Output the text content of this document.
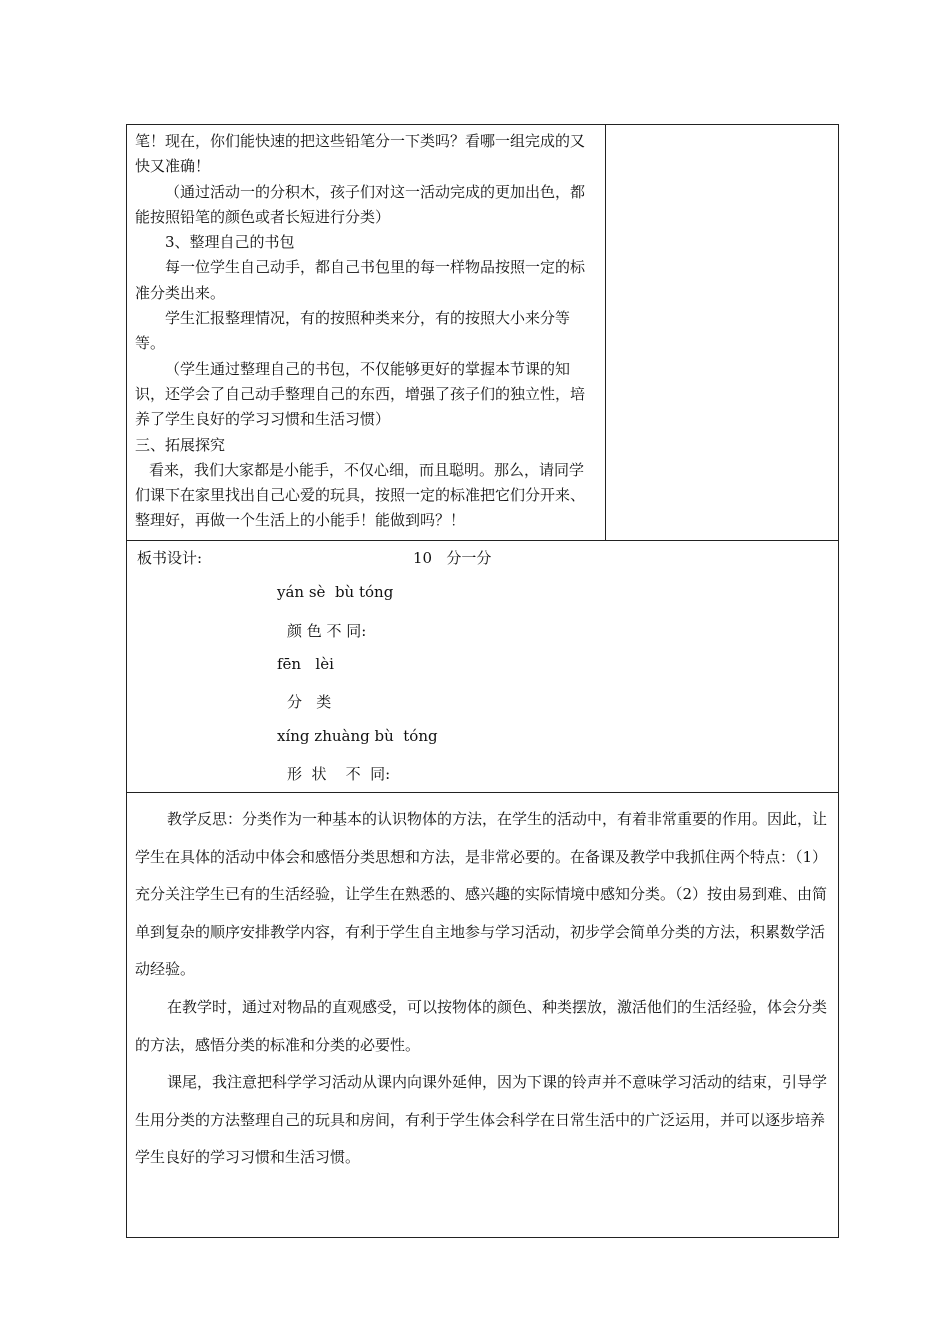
笔！现在，你们能快速的把这些铅笔分一下类吗？看哪一组完成的又快又准确！

（通过活动一的分积木，孩子们对这一活动完成的更加出色，都能按照铅笔的颜色或者长短进行分类）

3、整理自己的书包

每一位学生自己动手，都自己书包里的每一样物品按照一定的标准分类出来。

学生汇报整理情况，有的按照种类来分，有的按照大小来分等等。

（学生通过整理自己的书包，不仅能够更好的掌握本节课的知识，还学会了自己动手整理自己的东西，增强了孩子们的独立性，培养了学生良好的学习习惯和生活习惯）

三、拓展探究

看来，我们大家都是小能手，不仅心细，而且聪明。那么，请同学们课下在家里找出自己心爱的玩具，按照一定的标准把它们分开来、整理好，再做一个生活上的小能手！能做到吗？！

板书设计:	10   分一分
yán sè  bù tóng
颜 色 不 同:
fēn   lèi
分   类
xíng zhuàng bù  tóng
形  状    不  同:

教学反思：分类作为一种基本的认识物体的方法，在学生的活动中，有着非常重要的作用。因此，让学生在具体的活动中体会和感悟分类思想和方法，是非常必要的。在备课及教学中我抓住两个特点：（1）充分关注学生已有的生活经验，让学生在熟悉的、感兴趣的实际情境中感知分类。（2）按由易到难、由简单到复杂的顺序安排教学内容，有利于学生自主地参与学习活动，初步学会简单分类的方法，积累数学活动经验。

在教学时，通过对物品的直观感受，可以按物体的颜色、种类摆放，激活他们的生活经验，体会分类的方法，感悟分类的标准和分类的必要性。

课尾，我注意把科学学习活动从课内向课外延伸，因为下课的铃声并不意味学习活动的结束，引导学生用分类的方法整理自己的玩具和房间，有利于学生体会科学在日常生活中的广泛运用，并可以逐步培养学生良好的学习习惯和生活习惯。
